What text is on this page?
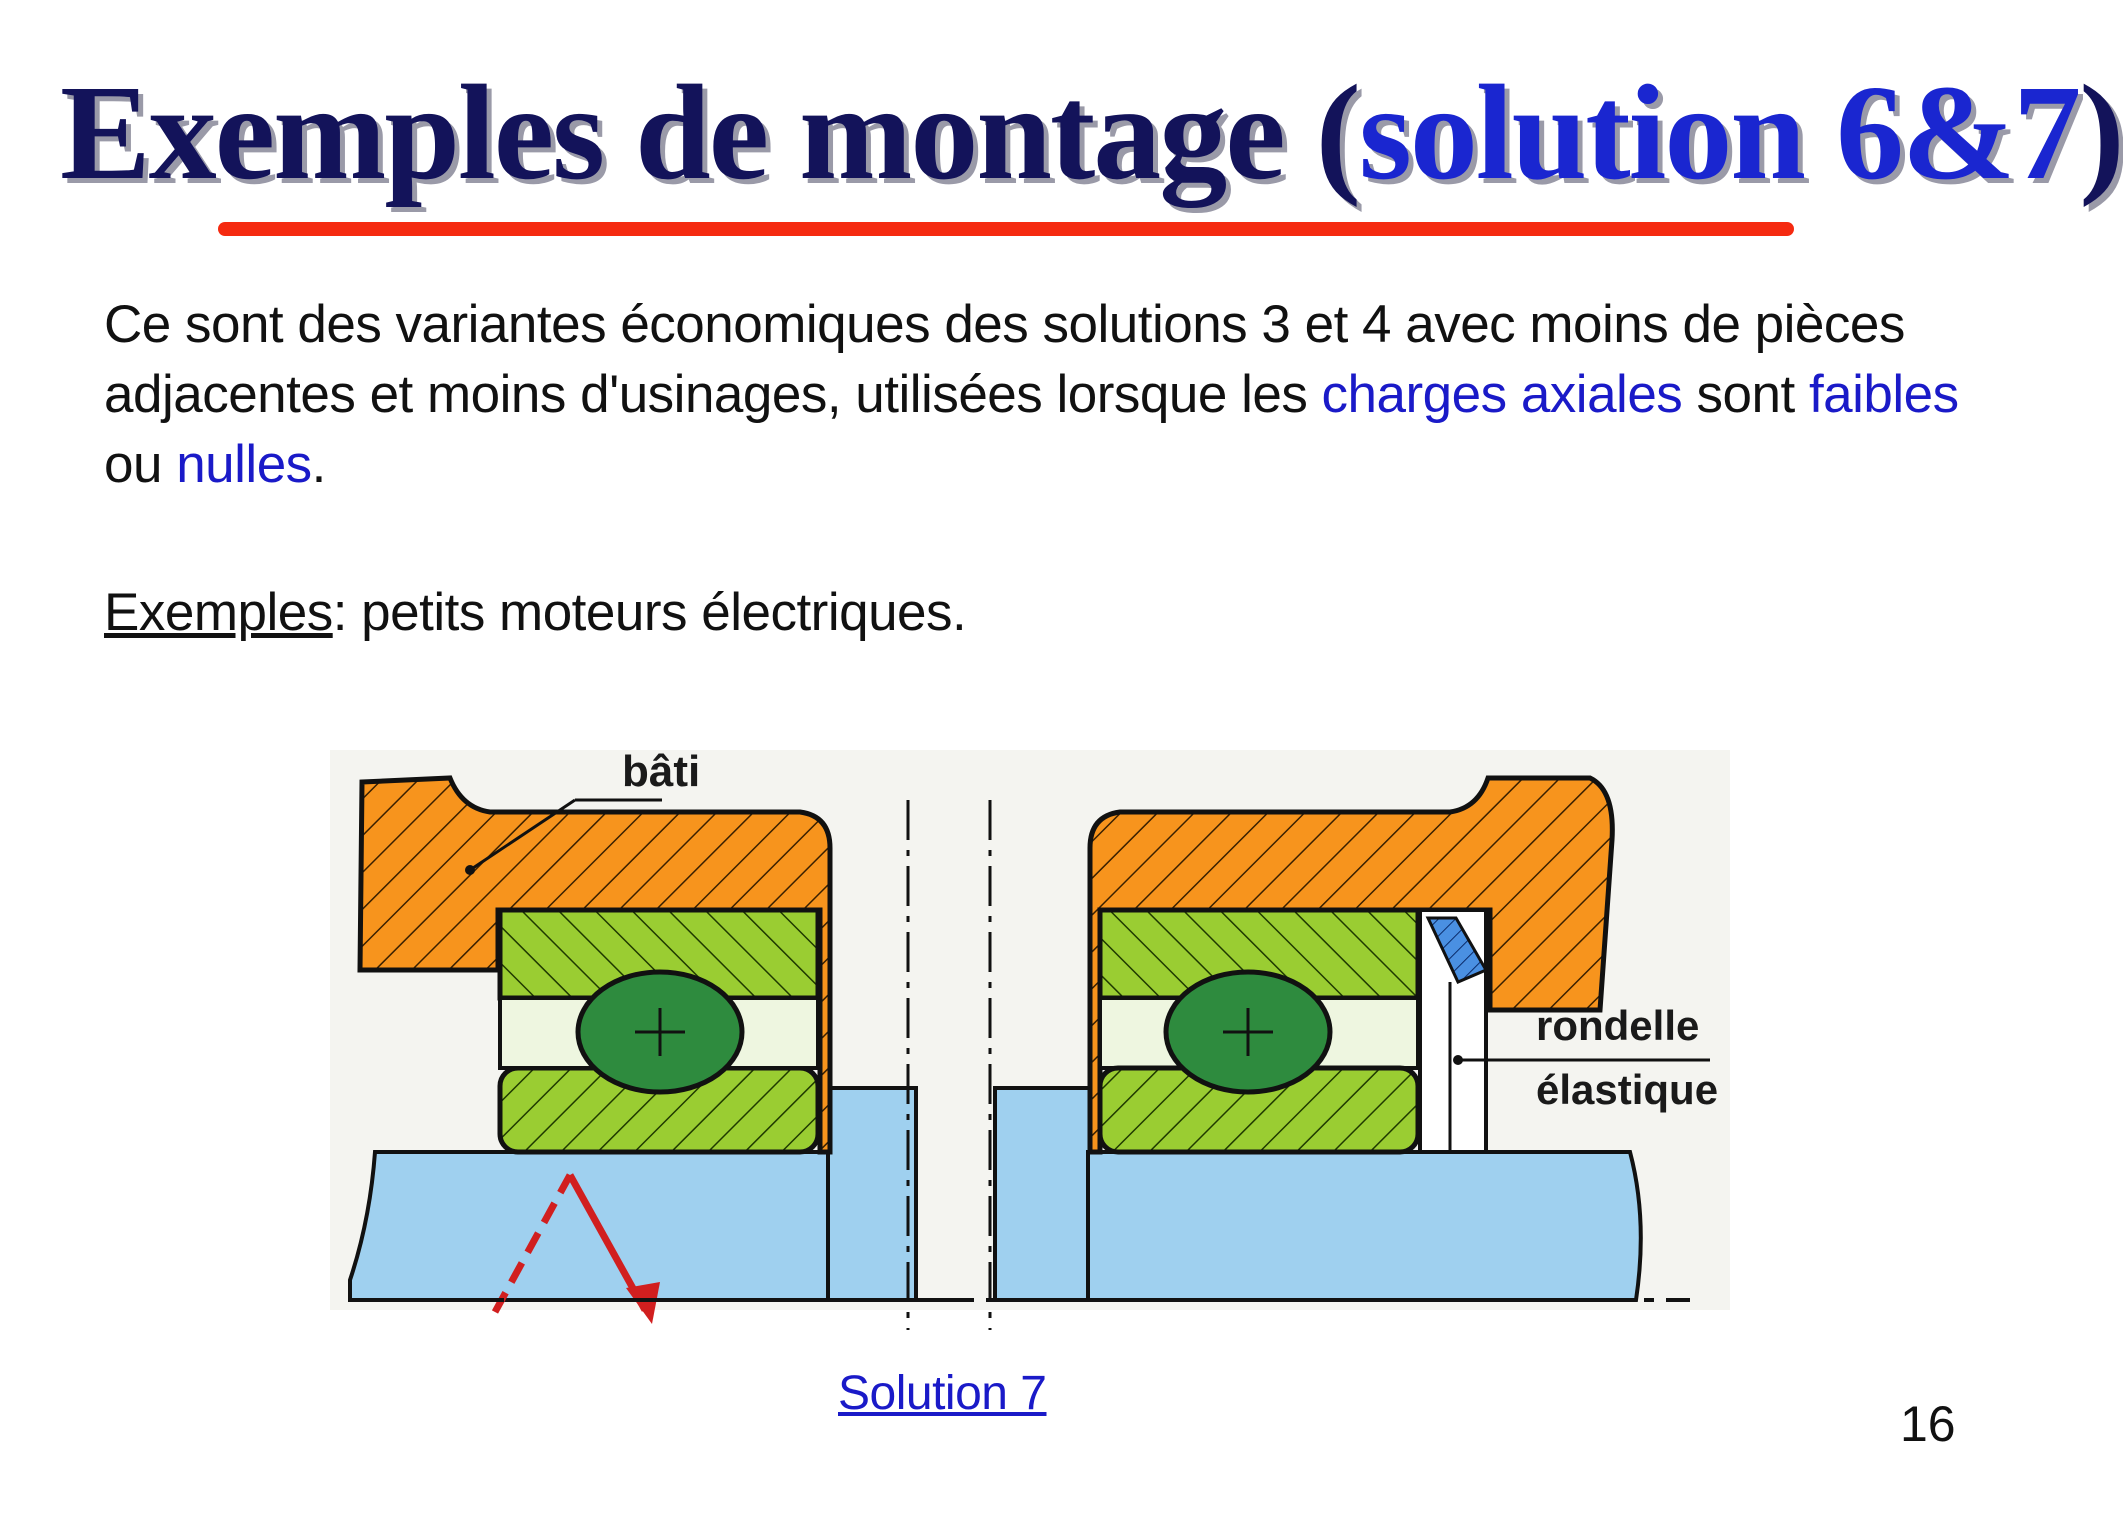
Exemples de montage (solution 6&7)
Ce sont des variantes économiques des solutions 3 et 4 avec moins de pièces adjacentes et moins d'usinages, utilisées lorsque les charges axiales sont faibles ou nulles.
Exemples: petits moteurs électriques.
bâti
rondelle
élastique
Solution 7
16
